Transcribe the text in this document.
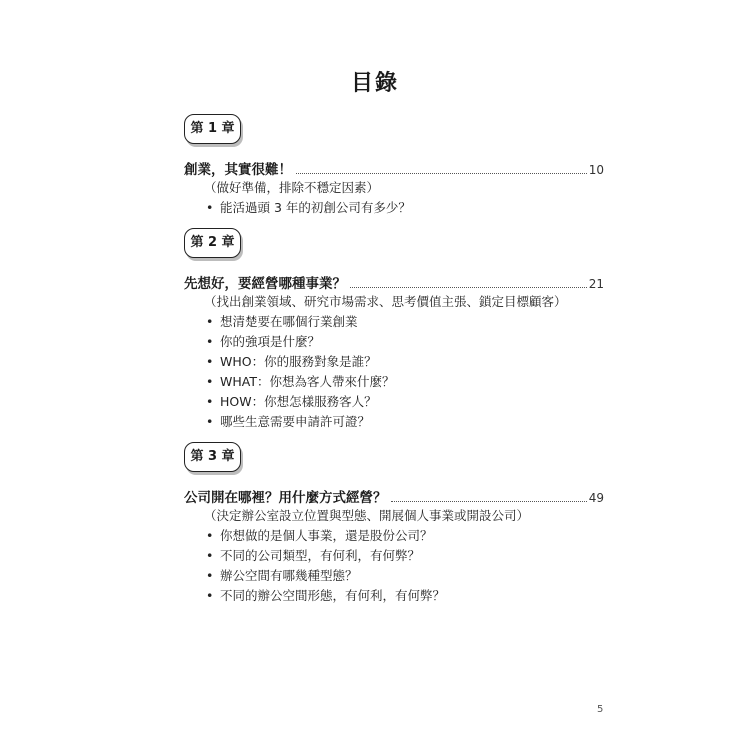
目錄
第 1 章
創業，其實很難！	10
（做好準備，排除不穩定因素）
• 能活過頭 3 年的初創公司有多少？
第 2 章
先想好，要經營哪種事業？	21
（找出創業領域、研究市場需求、思考價值主張、鎖定目標顧客）
• 想清楚要在哪個行業創業
• 你的強項是什麼？
• WHO：你的服務對象是誰？
• WHAT：你想為客人帶來什麼？
• HOW：你想怎樣服務客人？
• 哪些生意需要申請許可證？
第 3 章
公司開在哪裡？用什麼方式經營？	49
（決定辦公室設立位置與型態、開展個人事業或開設公司）
• 你想做的是個人事業，還是股份公司？
• 不同的公司類型，有何利，有何弊？
• 辦公空間有哪幾種型態？
• 不同的辦公空間形態，有何利，有何弊？
5
